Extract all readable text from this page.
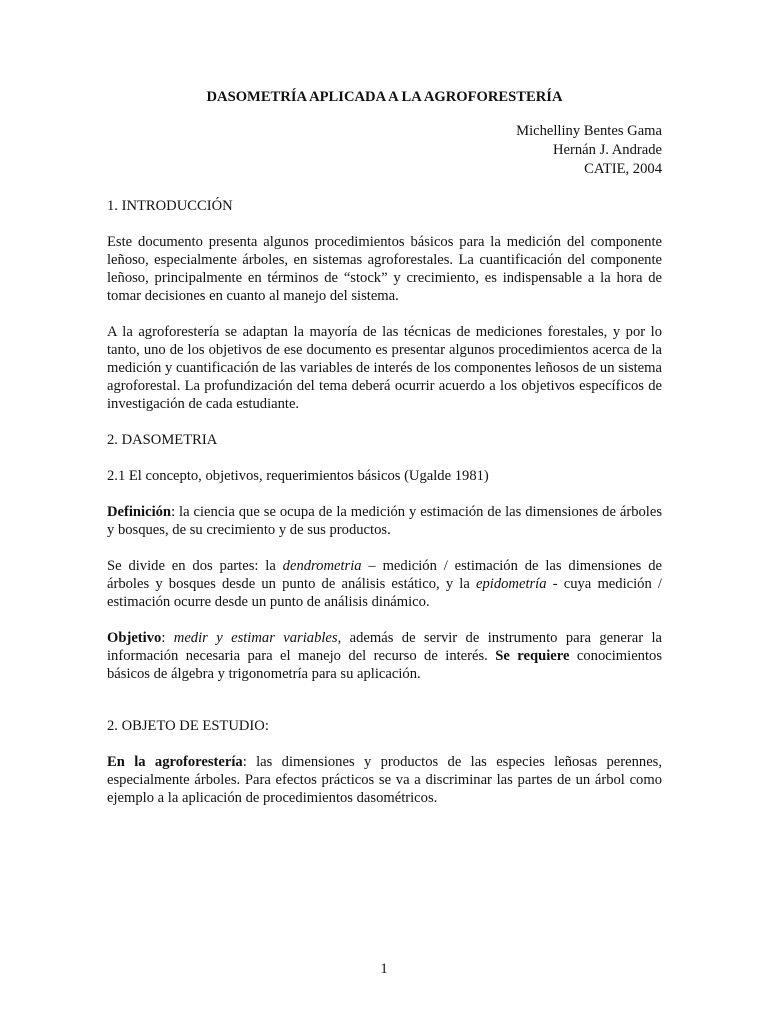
DASOMETRÍA APLICADA A LA AGROFORESTERÍA

Michelliny Bentes Gama
Hernán J. Andrade
CATIE, 2004

1. INTRODUCCIÓN

Este documento presenta algunos procedimientos básicos para la medición del componente leñoso, especialmente árboles, en sistemas agroforestales. La cuantificación del componente leñoso, principalmente en términos de “stock” y crecimiento, es indispensable a la hora de tomar decisiones en cuanto al manejo del sistema.

A la agroforestería se adaptan la mayoría de las técnicas de mediciones forestales, y por lo tanto, uno de los objetivos de ese documento es presentar algunos procedimientos acerca de la medición y cuantificación de las variables de interés de los componentes leñosos de un sistema agroforestal. La profundización del tema deberá ocurrir acuerdo a los objetivos específicos de investigación de cada estudiante.

2. DASOMETRIA

2.1 El concepto, objetivos, requerimientos básicos (Ugalde 1981)

Definición: la ciencia que se ocupa de la medición y estimación de las dimensiones de árboles y bosques, de su crecimiento y de sus productos.

Se divide en dos partes: la dendrometria – medición / estimación de las dimensiones de árboles y bosques desde un punto de análisis estático, y la epidometría - cuya medición / estimación ocurre desde un punto de análisis dinámico.

Objetivo: medir y estimar variables, además de servir de instrumento para generar la información necesaria para el manejo del recurso de interés. Se requiere conocimientos básicos de álgebra y trigonometría para su aplicación.

2. OBJETO DE ESTUDIO:

En la agroforestería: las dimensiones y productos de las especies leñosas perennes, especialmente árboles. Para efectos prácticos se va a discriminar las partes de un árbol como ejemplo a la aplicación de procedimientos dasométricos.

1
